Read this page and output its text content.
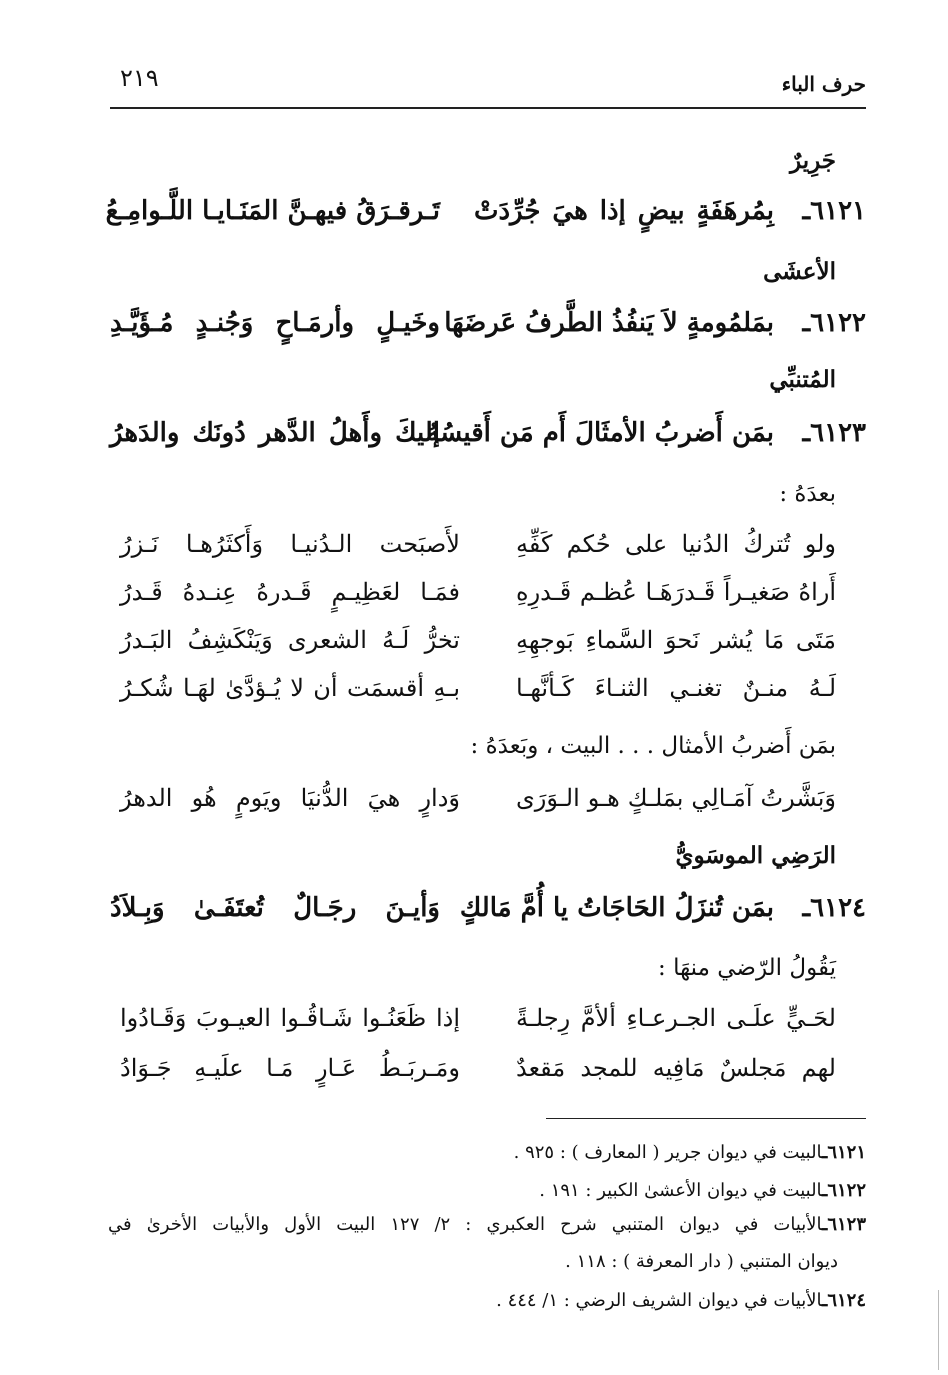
حرف الباء
٢١٩
جَرِيرٌ
٦١٢١ـ
بِمُرهَفَةٍ بيضٍ إذا هيَ جُرِّدَتْ
تَـرقـرَقُ فيهـنَّ المَنَـايـا اللَّـوامِـعُ
الأعشَى
٦١٢٢ـ
بمَلمُومةٍ لاَ يَنفُذُ الطَّرفُ عَرضَهَا
وخَيـلٍ وأرمَـاحٍ وَجُنـدٍ مُـؤَيَّـدِ
المُتنبِّي
٦١٢٣ـ
بمَن أَضربُ الأمثَالَ أَم مَن أَقيسُهُ
إليكَ وأَهلُ الدَّهر دُونَك والدَهرُ
بعدَهُ :
ولو تُتركُ الدُنيا على حُكم كَفِّهِ
لأَصبَحت الـدُنيـا وَأَكثَرُهـا نَـزرُ
أَراهُ صَغيـراً قَـدرَهَـا عُظـم قَـدرِهِ
فمَـا لعَظِيـمٍ قَـدرهُ عِنـدهُ قَـدرُ
مَتَى مَا يُشر نَحوَ السَّماءِ بَوجهِهِ
تخرُّ لَـهُ الشعرى وَيَنْكَشِفُ البَـدرُ
لَـهُ منـنٌ تغنـي الثنـاءَ كَـأنَّهـا
بـهِ أقسمَت أن لا يُـؤدَّىٰ لهَـا شُكـرُ
بمَن أَضربُ الأمثال . . . البيت ، وبَعدَهُ :
وَبَشَّرتُ آمَـالِي بمَلـكٍ هـو الـوَرَى
وَدارٍ هيَ الدُّنيَا ويَومٍ هُو الدهرُ
الرَضِي الموسَويُّ
٦١٢٤ـ
بمَن تُنزَلُ الحَاجَاتُ يا أُمَّ مَالكٍ
وَأيـنَ رجَـالٌ تُعتَفَـىٰ وَبِـلاَدُ
يَقُولُ الرّضي منهَا :
لحَـيٍّ علَـى الجـرعـاءِ ألأمَّ رِجلـةً
إذا ظَعَنُـوا شَـاقُـوا العيـوبَ وَقَـادُوا
لهم مَجلسٌ مَافِيه للمجد مَقعدٌ
ومَـربَـطُ عَـارٍ مَـا علَيـهِ جَـوَادُ
٦١٢١ـالبيت في ديوان جرير ( المعارف ) : ٩٢٥ .
٦١٢٢ـالبيت في ديوان الأعشىٰ الكبير : ١٩١ .
٦١٢٣ـالأبيات في ديوان المتنبي شرح العكبري : ٢/ ١٢٧ البيت الأول والأبيات الأخرىٰ في
ديوان المتنبي ( دار المعرفة ) : ١١٨ .
٦١٢٤ـالأبيات في ديوان الشريف الرضي : ١/ ٤٤٤ .
